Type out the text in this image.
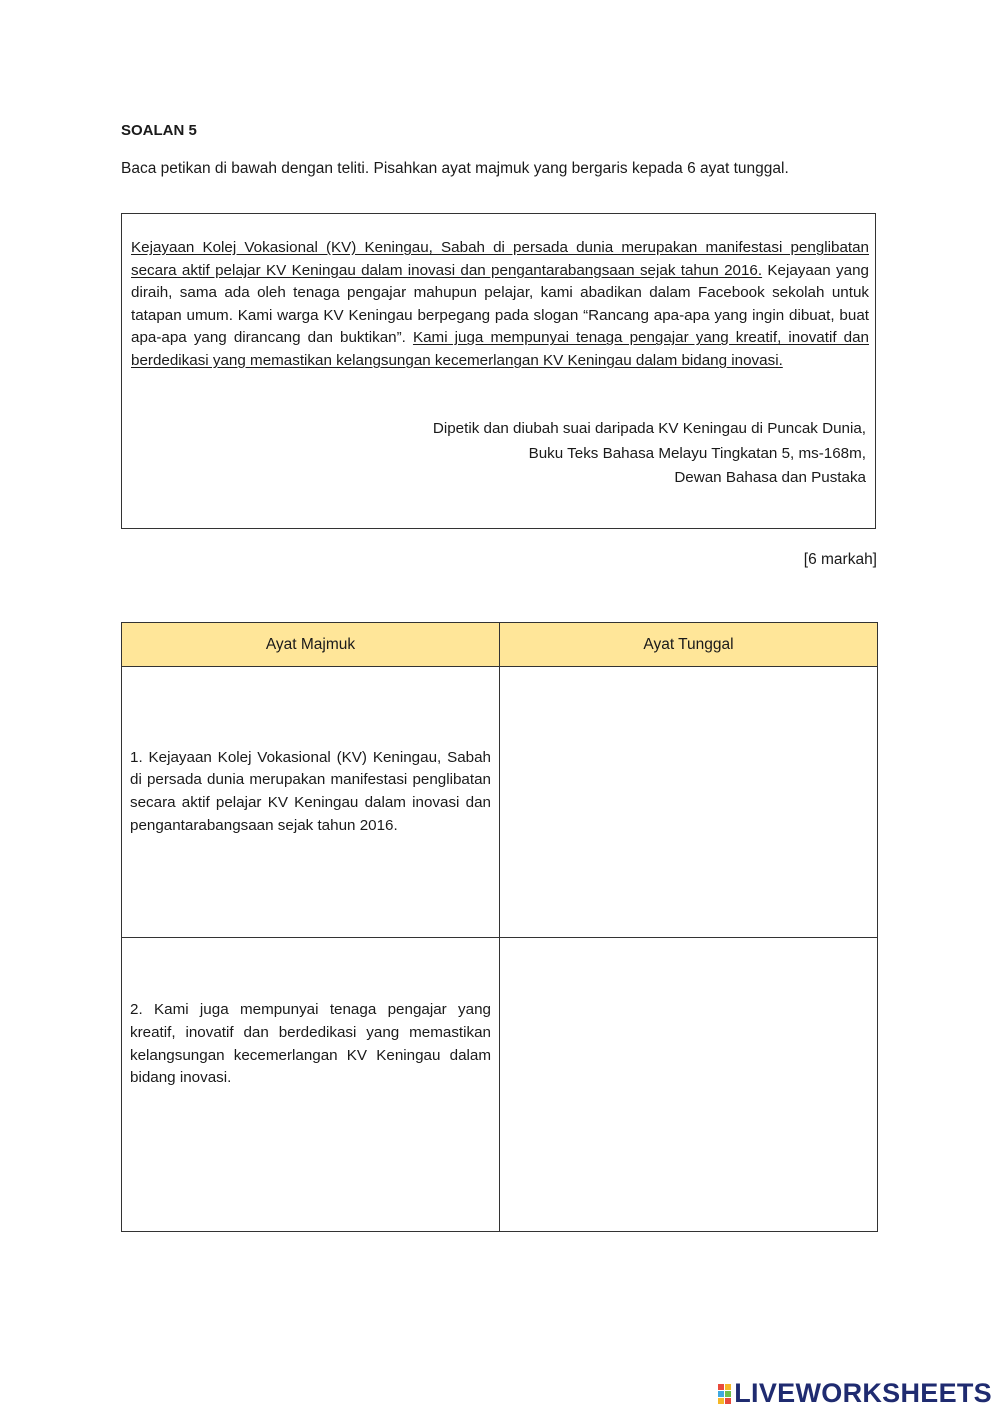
SOALAN 5
Baca petikan di bawah dengan teliti. Pisahkan ayat majmuk yang bergaris kepada 6 ayat tunggal.

Kejayaan Kolej Vokasional (KV) Keningau, Sabah di persada dunia merupakan manifestasi penglibatan secara aktif pelajar KV Keningau dalam inovasi dan pengantarabangsaan sejak tahun 2016. Kejayaan yang diraih, sama ada oleh tenaga pengajar mahupun pelajar, kami abadikan dalam Facebook sekolah untuk tatapan umum. Kami warga KV Keningau berpegang pada slogan “Rancang apa-apa yang ingin dibuat, buat apa-apa yang dirancang dan buktikan”. Kami juga mempunyai tenaga pengajar yang kreatif, inovatif dan berdedikasi yang memastikan kelangsungan kecemerlangan KV Keningau dalam bidang inovasi.

Dipetik dan diubah suai daripada KV Keningau di Puncak Dunia,
Buku Teks Bahasa Melayu Tingkatan 5, ms-168m,
Dewan Bahasa dan Pustaka
[6 markah]
Ayat Majmuk	Ayat Tunggal

1. Kejayaan Kolej Vokasional (KV) Keningau, Sabah di persada dunia merupakan manifestasi penglibatan secara aktif pelajar KV Keningau dalam inovasi dan pengantarabangsaan sejak tahun 2016.	

2. Kami juga mempunyai tenaga pengajar yang kreatif, inovatif dan berdedikasi yang memastikan kelangsungan kecemerlangan KV Keningau dalam bidang inovasi.	

LIVEWORKSHEETS
